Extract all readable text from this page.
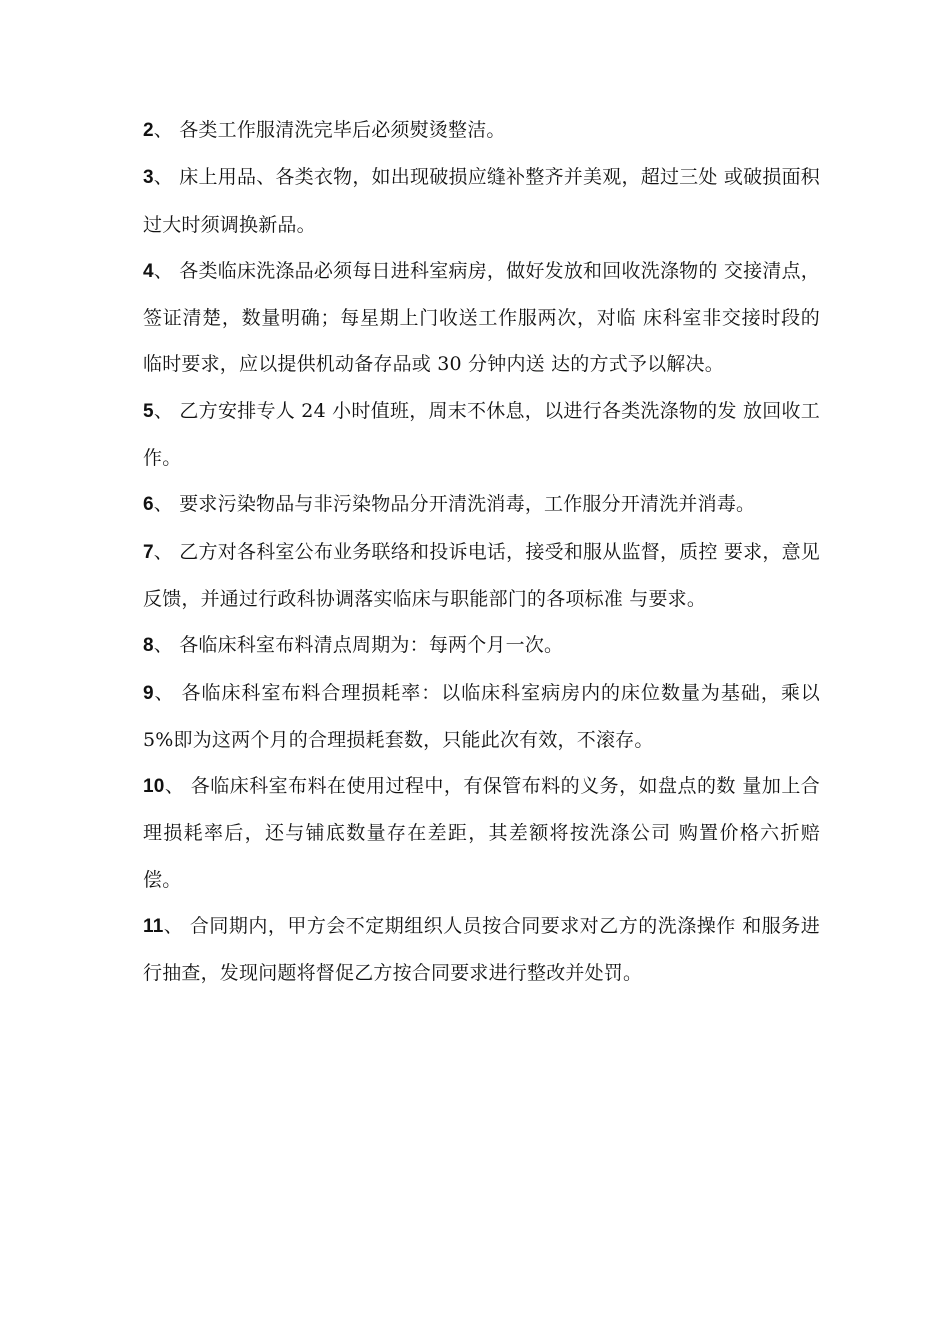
2、 各类工作服清洗完毕后必须熨烫整洁。

3、 床上用品、各类衣物，如出现破损应缝补整齐并美观，超过三处 或破损面积过大时须调换新品。

4、 各类临床洗涤品必须每日进科室病房，做好发放和回收洗涤物的 交接清点，签证清楚，数量明确；每星期上门收送工作服两次，对临 床科室非交接时段的临时要求，应以提供机动备存品或 30 分钟内送 达的方式予以解决。

5、 乙方安排专人 24 小时值班，周末不休息，以进行各类洗涤物的发 放回收工作。

6、 要求污染物品与非污染物品分开清洗消毒，工作服分开清洗并消毒。

7、 乙方对各科室公布业务联络和投诉电话，接受和服从监督，质控 要求，意见反馈，并通过行政科协调落实临床与职能部门的各项标准 与要求。

8、 各临床科室布料清点周期为：每两个月一次。

9、 各临床科室布料合理损耗率：以临床科室病房内的床位数量为基础，乘以 5%即为这两个月的合理损耗套数，只能此次有效，不滚存。

10、 各临床科室布料在使用过程中，有保管布料的义务，如盘点的数 量加上合理损耗率后，还与铺底数量存在差距，其差额将按洗涤公司 购置价格六折赔偿。

11、 合同期内，甲方会不定期组织人员按合同要求对乙方的洗涤操作 和服务进行抽查，发现问题将督促乙方按合同要求进行整改并处罚。
